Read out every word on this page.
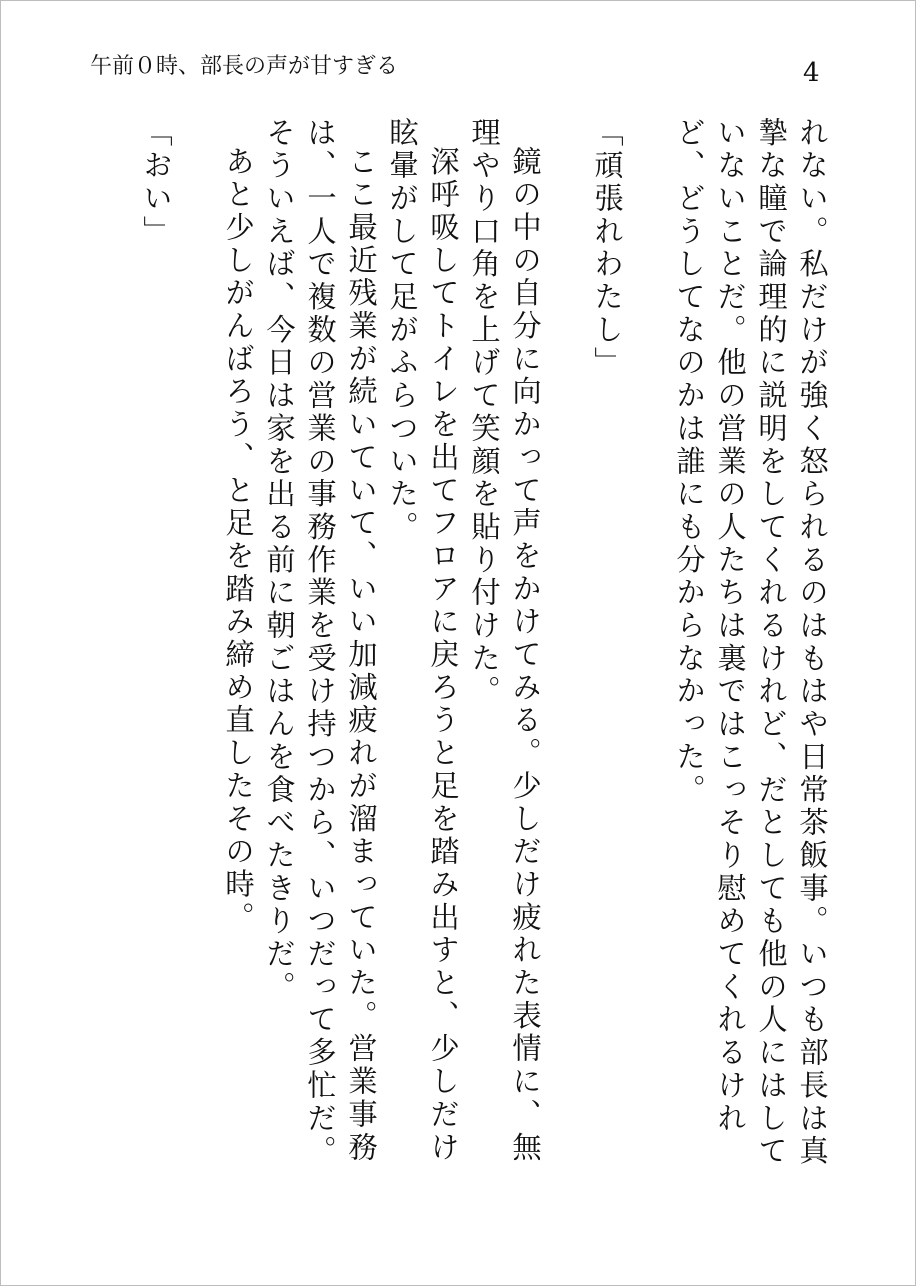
午前０時、部長の声が甘すぎる	4

れない。私だけが強く怒られるのはもはや日常茶飯事。いつも部長は真摯な瞳で論理的に説明をしてくれるけれど、だとしても他の人にはしていないことだ。他の営業の人たちは裏ではこっそり慰めてくれるけれど、どうしてなのかは誰にも分からなかった。

「頑張れわたし」

鏡の中の自分に向かって声をかけてみる。少しだけ疲れた表情に、無理やり口角を上げて笑顔を貼り付けた。

深呼吸してトイレを出てフロアに戻ろうと足を踏み出すと、少しだけ眩暈がして足がふらついた。

ここ最近残業が続いていて、いい加減疲れが溜まっていた。営業事務は、一人で複数の営業の事務作業を受け持つから、いつだって多忙だ。そういえば、今日は家を出る前に朝ごはんを食べたきりだ。

あと少しがんばろう、と足を踏み締め直したその時。

「おい」
